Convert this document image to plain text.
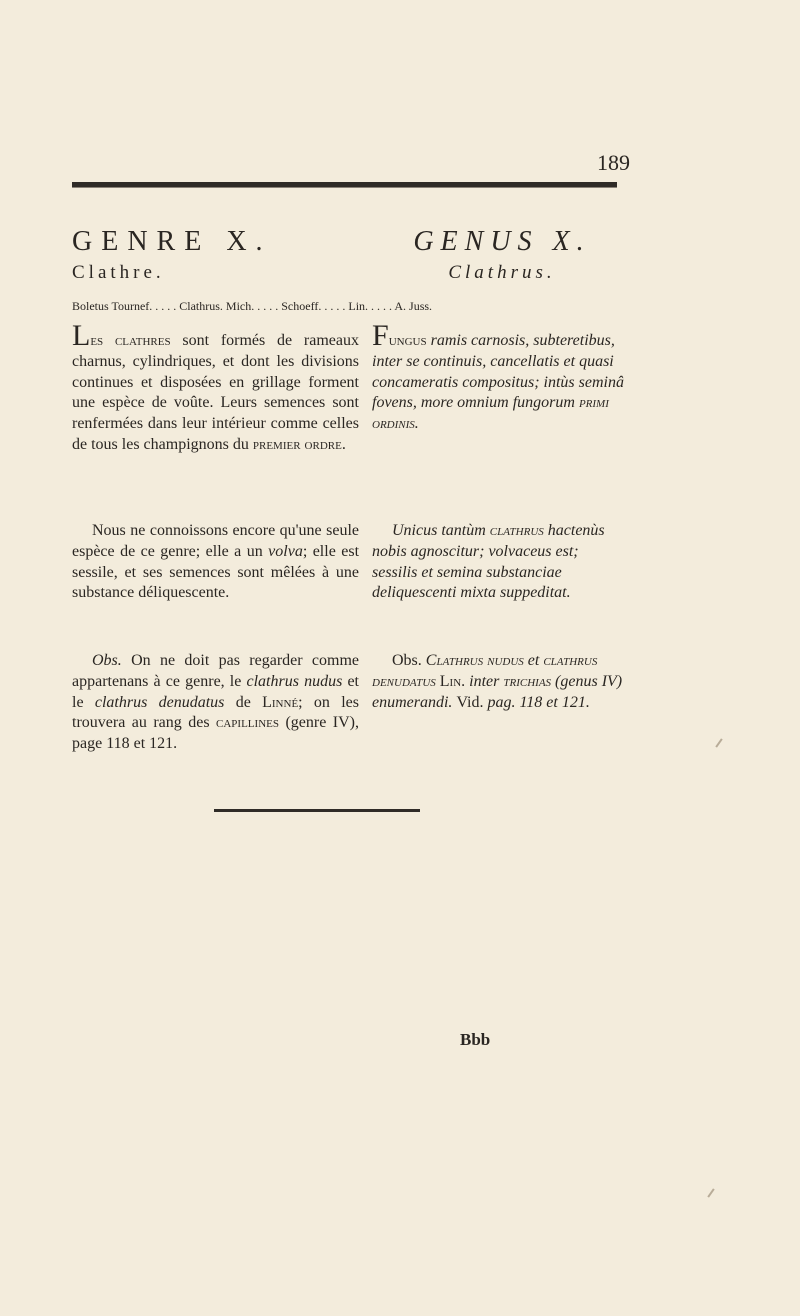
189
GENRE X.	GENUS X.
Clathre.	Clathrus.
Boletus Tournef. . . . . Clathrus. Mich. . . . . Schoeff. . . . . Lin. . . . . A. Juss.

Les clathres sont formés de rameaux charnus, cylindriques, et dont les divisions continues et disposées en grillage forment une espèce de voûte. Leurs semences sont renfermées dans leur intérieur comme celles de tous les champignons du premier ordre.

Nous ne connoissons encore qu'une seule espèce de ce genre; elle a un volva; elle est sessile, et ses semences sont mêlées à une substance déliquescente.

Obs. On ne doit pas regarder comme appartenans à ce genre, le clathrus nudus et le clathrus denudatus de Linné; on les trouvera au rang des capillines (genre IV), page 118 et 121.

Fungus ramis carnosis, subteretibus, inter se continuis, cancellatis et quasi concameratis compositus; intùs seminâ fovens, more omnium fungorum primi ordinis.

Unicus tantùm clathrus hactenùs nobis agnoscitur; volvaceus est; sessilis et semina substanciae deliquescenti mixta suppeditat.

Obs. Clathrus nudus et clathrus denudatus Lin. inter trichias (genus IV) enumerandi. Vid. pag. 118 et 121.

Bbb
